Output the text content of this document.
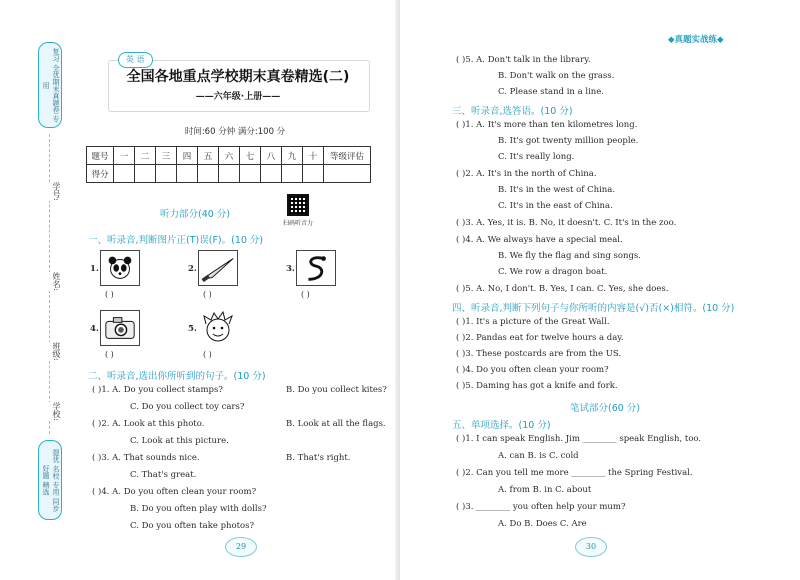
复习 全优期末真题卷 专用
学号:
姓名:
班级:
学校:
提优 名校 专用 同步 好题 精选
英 语
全国各地重点学校期末真卷精选(二)
——六年级·上册——
时间:60 分钟 满分:100 分
题号	一	二	三	四	五	六	七	八	九	十	等级评估
得分											
听力部分(40 分)
扫码听音力
一、听录音,判断图片正(T)误(F)。(10 分)
1.
( )
2.
( )
3.
( )
4.
( )
5.
( )
二、听录音,选出你所听到的句子。(10 分)
( )1. A. Do you collect stamps?	B. Do you collect kites?
C. Do you collect toy cars?
( )2. A. Look at this photo.	B. Look at all the flags.
C. Look at this picture.
( )3. A. That sounds nice.	B. That's right.
C. That's great.
( )4. A. Do you often clean your room?
B. Do you often play with dolls?
C. Do you often take photos?
29
◆真题实战练◆
( )5. A. Don't talk in the library.
B. Don't walk on the grass.
C. Please stand in a line.
三、听录音,选答语。(10 分)
( )1. A. It's more than ten kilometres long.
B. It's got twenty million people.
C. It's really long.
( )2. A. It's in the north of China.
B. It's in the west of China.
C. It's in the east of China.
( )3. A. Yes, it is. B. No, it doesn't. C. It's in the zoo.
( )4. A. We always have a special meal.
B. We fly the flag and sing songs.
C. We row a dragon boat.
( )5. A. No, I don't. B. Yes, I can. C. Yes, she does.
四、听录音,判断下列句子与你所听的内容是(√)否(×)相符。(10 分)
( )1. It's a picture of the Great Wall.
( )2. Pandas eat for twelve hours a day.
( )3. These postcards are from the US.
( )4. Do you often clean your room?
( )5. Daming has got a knife and fork.
笔试部分(60 分)
五、单项选择。(10 分)
( )1. I can speak English. Jim ________ speak English, too.
A. can B. is C. cold
( )2. Can you tell me more ________ the Spring Festival.
A. from B. in C. about
( )3. ________ you often help your mum?
A. Do B. Does C. Are
30
